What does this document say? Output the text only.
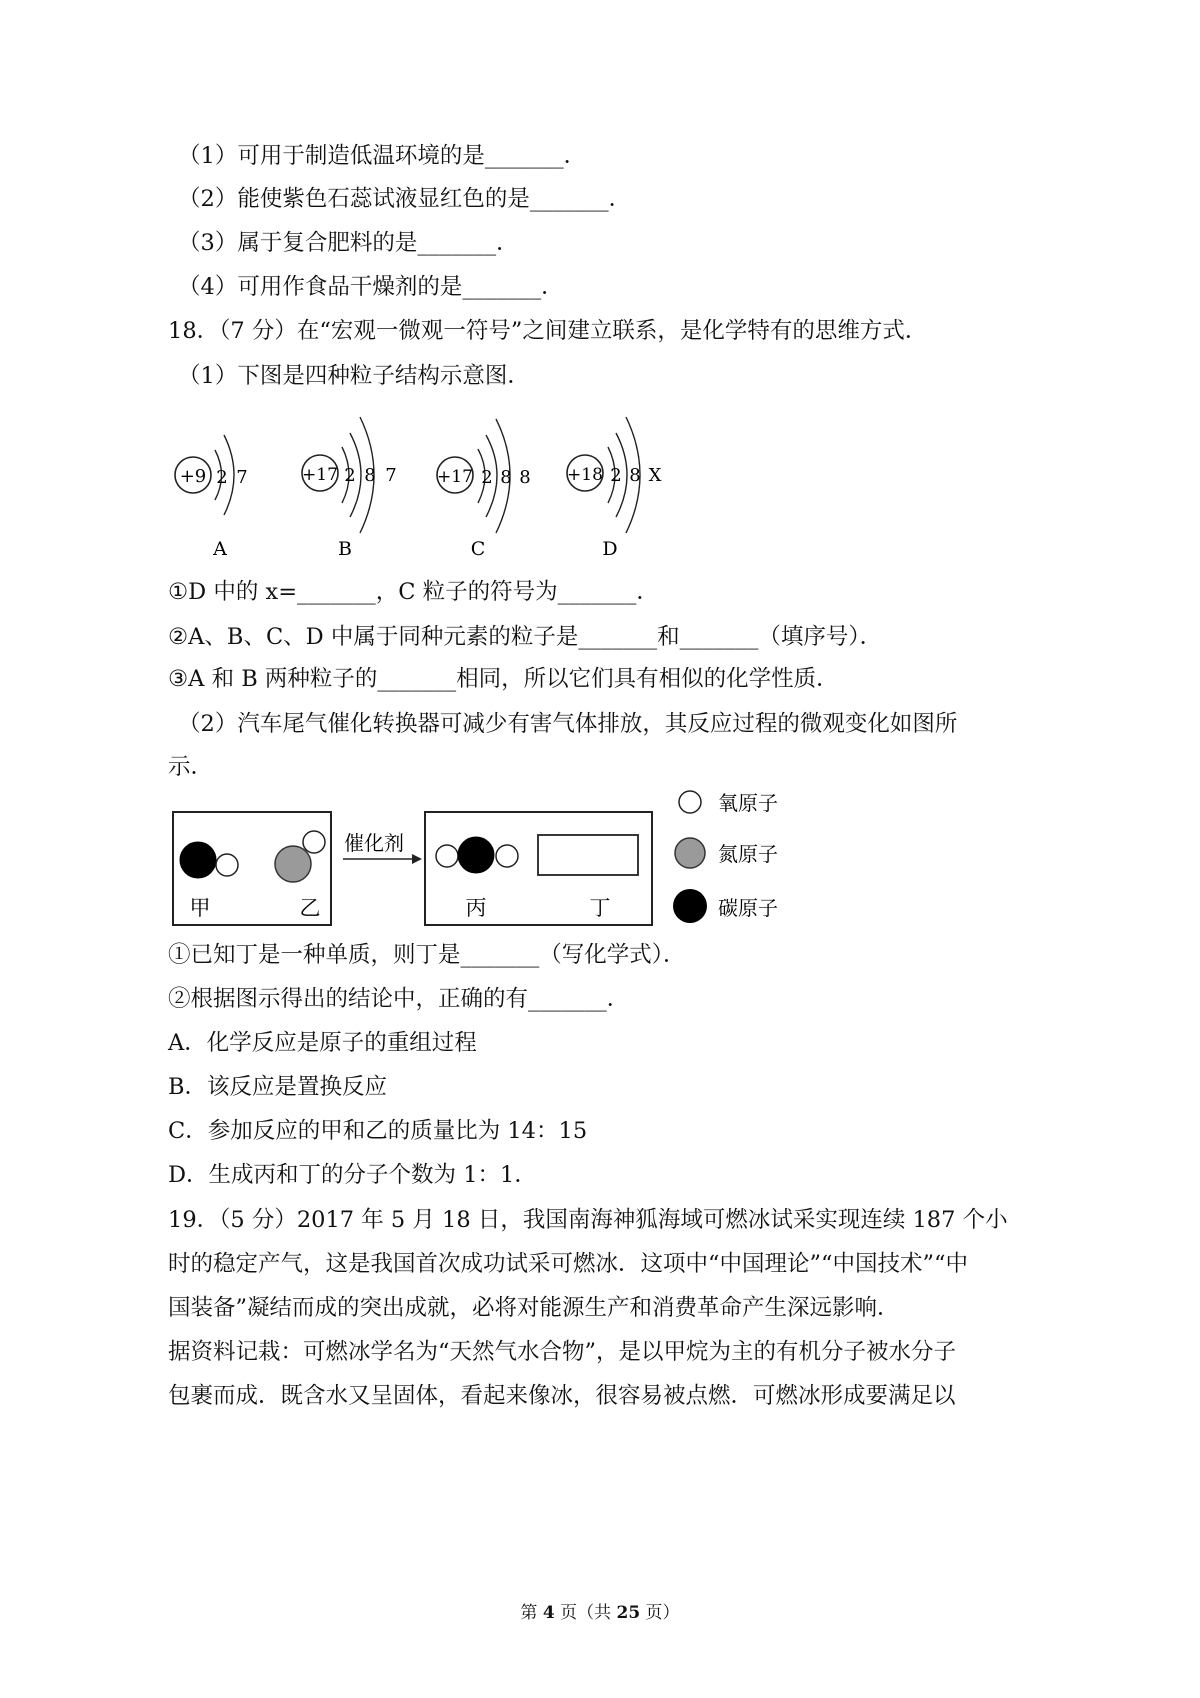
（1）可用于制造低温环境的是_______．
（2）能使紫色石蕊试液显红色的是_______．
（3）属于复合肥料的是_______．
（4）可用作食品干燥剂的是_______．
18．（7 分）在“宏观一微观一符号”之间建立联系，是化学特有的思维方式．
（1）下图是四种粒子结构示意图．
①D 中的 x=_______，C 粒子的符号为_______．
②A、B、C、D 中属于同种元素的粒子是_______和_______（填序号）．
③A 和 B 两种粒子的_______相同，所以它们具有相似的化学性质．
（2）汽车尾气催化转换器可减少有害气体排放，其反应过程的微观变化如图所
示．
①已知丁是一种单质，则丁是_______（写化学式）．
②根据图示得出的结论中，正确的有_______．
A．化学反应是原子的重组过程
B．该反应是置换反应
C．参加反应的甲和乙的质量比为 14：15
D．生成丙和丁的分子个数为 1：1．
19．（5 分）2017 年 5 月 18 日，我国南海神狐海域可燃冰试采实现连续 187 个小
时的稳定产气，这是我国首次成功试采可燃冰．这项中“中国理论”“中国技术”“中
国装备”凝结而成的突出成就，必将对能源生产和消费革命产生深远影响．
据资料记栽：可燃冰学名为“天然气水合物”，是以甲烷为主的有机分子被水分子
包裹而成．既含水又呈固体，看起来像冰，很容易被点燃．可燃冰形成要满足以
+9 2 7
A
+17 2 8 7
B
+17 2 8 8
C
+18 2 8 X
D
甲	乙
催化剂
丙	丁
氧原子
氮原子
碳原子
第 4 页（共 25 页）
